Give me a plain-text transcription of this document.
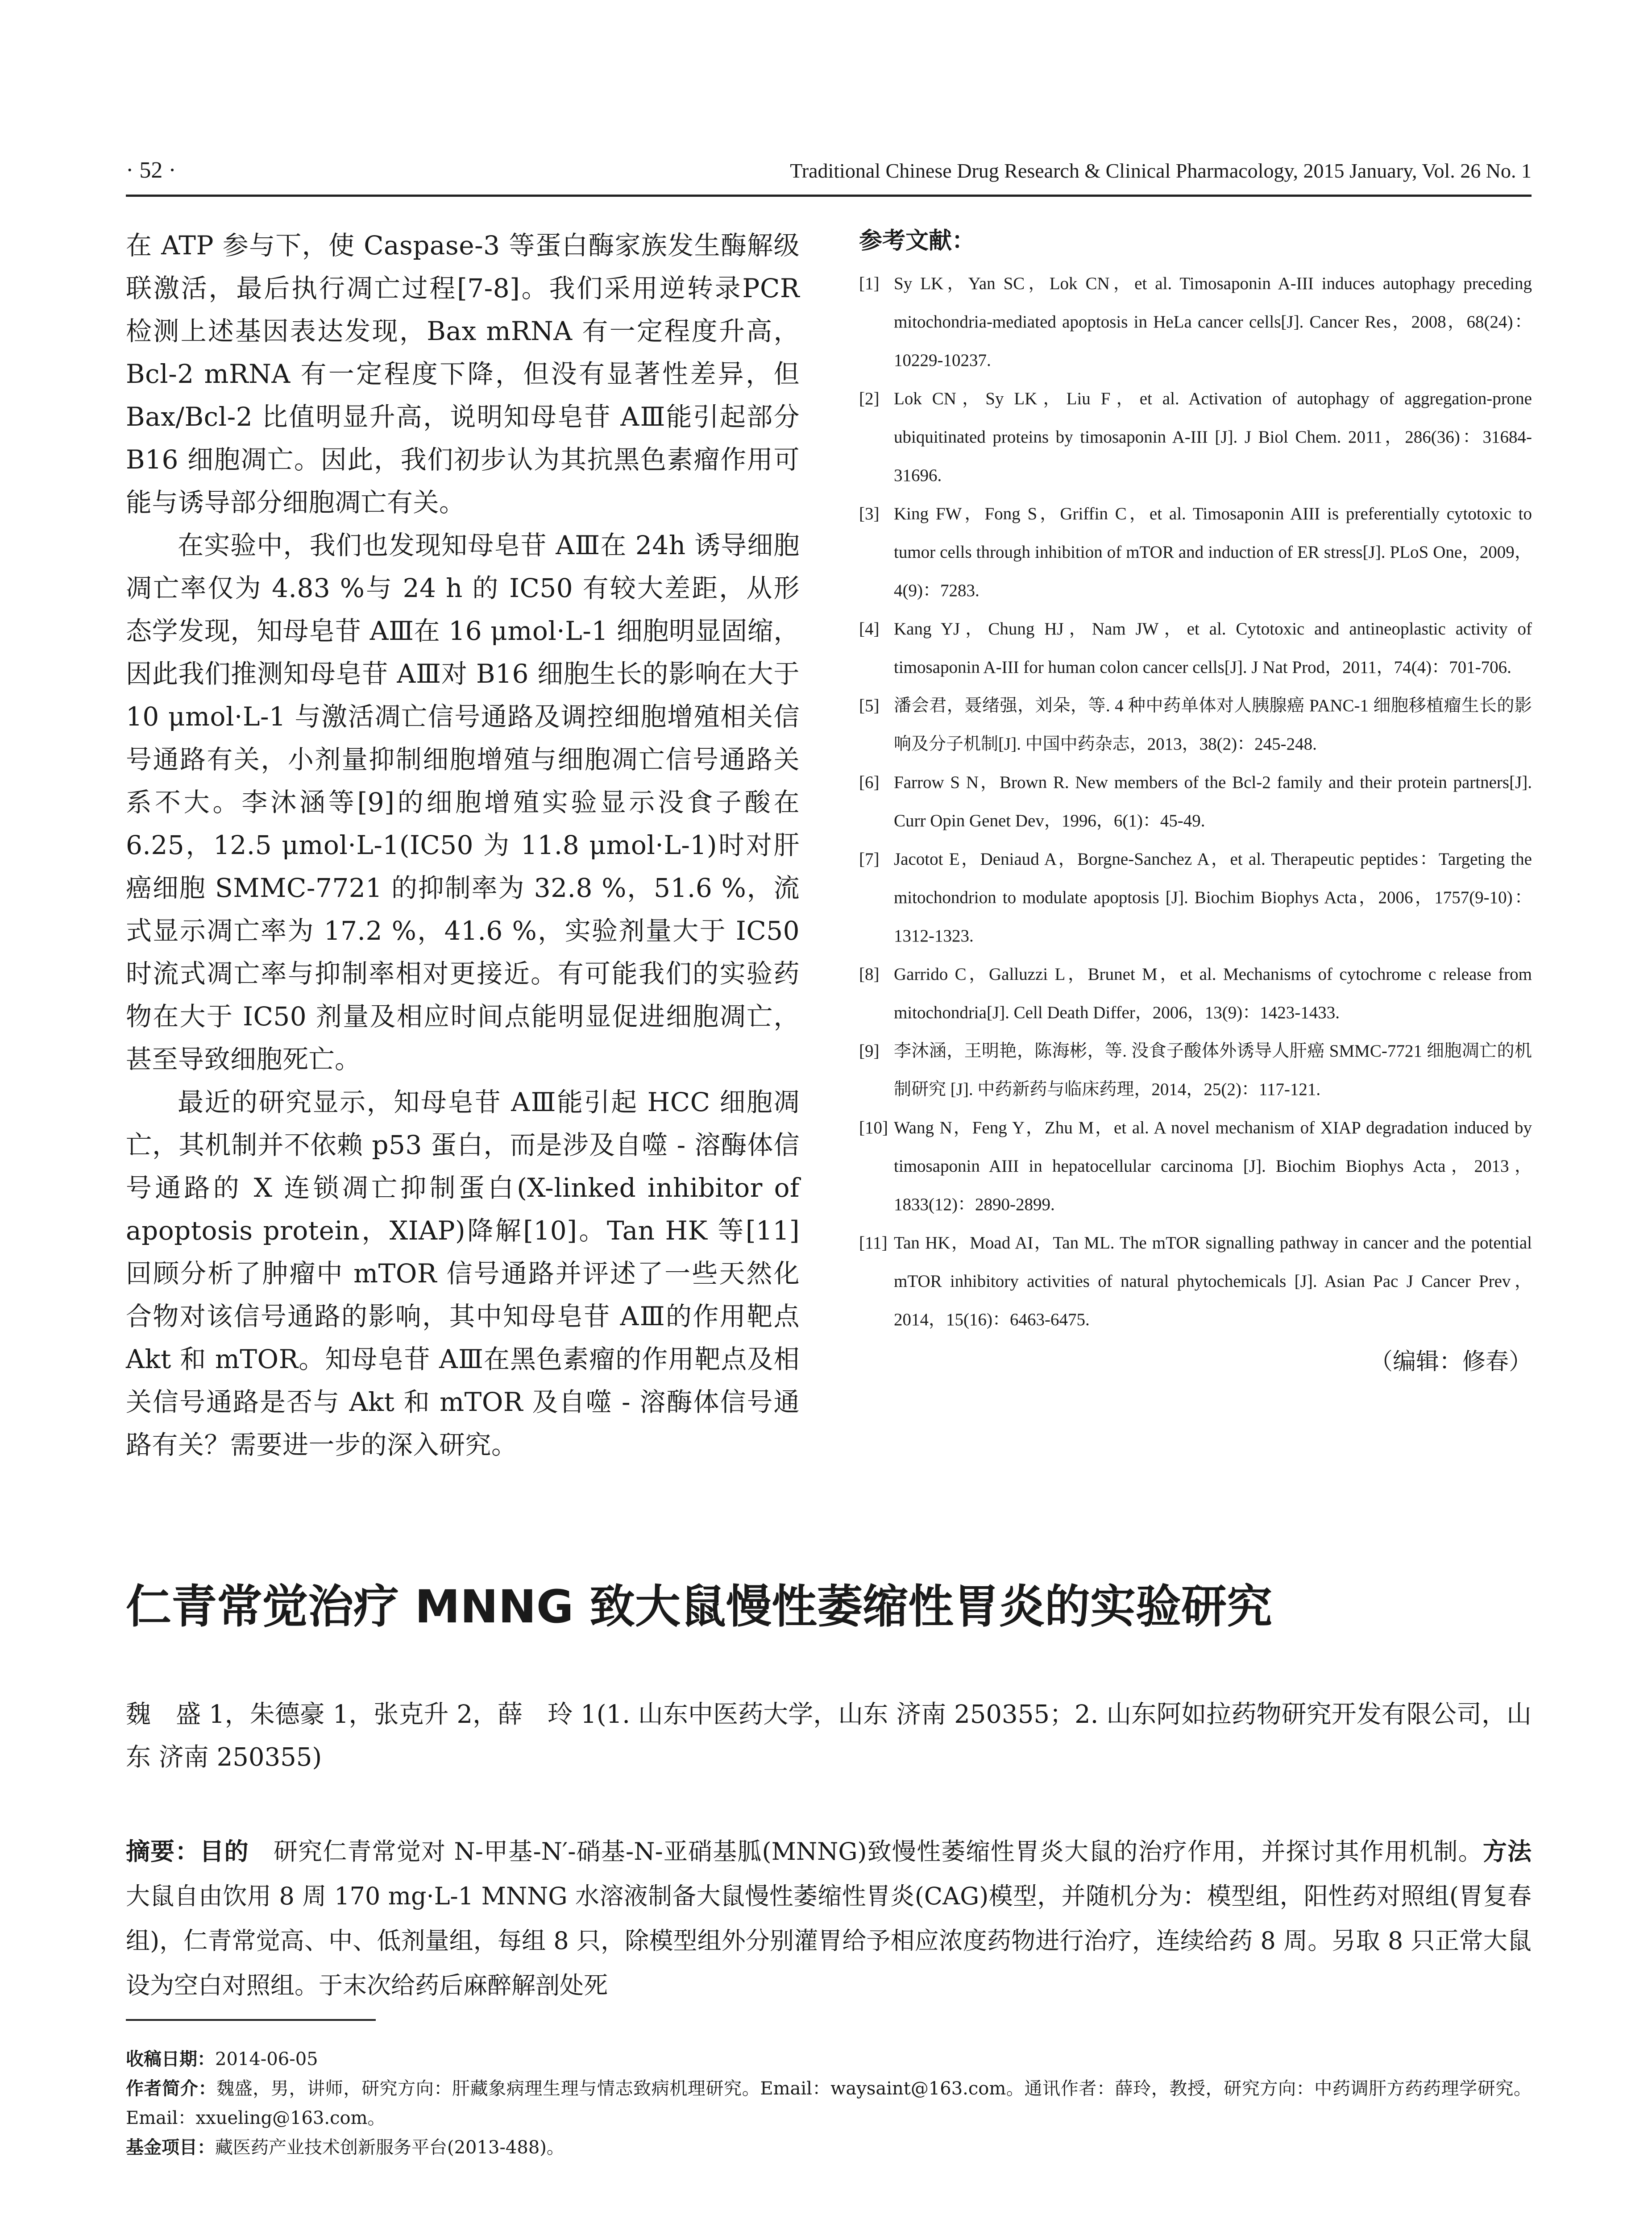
· 52 ·	Traditional Chinese Drug Research & Clinical Pharmacology, 2015 January, Vol. 26 No. 1

在 ATP 参与下，使 Caspase-3 等蛋白酶家族发生酶解级联激活，最后执行凋亡过程[7-8]。我们采用逆转录PCR 检测上述基因表达发现，Bax mRNA 有一定程度升高，Bcl-2 mRNA 有一定程度下降，但没有显著性差异，但 Bax/Bcl-2 比值明显升高，说明知母皂苷 AⅢ能引起部分 B16 细胞凋亡。因此，我们初步认为其抗黑色素瘤作用可能与诱导部分细胞凋亡有关。

在实验中，我们也发现知母皂苷 AⅢ在 24h 诱导细胞凋亡率仅为 4.83 %与 24 h 的 IC50 有较大差距，从形态学发现，知母皂苷 AⅢ在 16 μmol·L-1 细胞明显固缩，因此我们推测知母皂苷 AⅢ对 B16 细胞生长的影响在大于 10 μmol·L-1 与激活凋亡信号通路及调控细胞增殖相关信号通路有关，小剂量抑制细胞增殖与细胞凋亡信号通路关系不大。李沐涵等[9]的细胞增殖实验显示没食子酸在 6.25，12.5 μmol·L-1(IC50 为 11.8 μmol·L-1)时对肝癌细胞 SMMC-7721 的抑制率为 32.8 %，51.6 %，流式显示凋亡率为 17.2 %，41.6 %，实验剂量大于 IC50 时流式凋亡率与抑制率相对更接近。有可能我们的实验药物在大于 IC50 剂量及相应时间点能明显促进细胞凋亡，甚至导致细胞死亡。

最近的研究显示，知母皂苷 AⅢ能引起 HCC 细胞凋亡，其机制并不依赖 p53 蛋白，而是涉及自噬 - 溶酶体信号通路的 X 连锁凋亡抑制蛋白(X-linked inhibitor of apoptosis protein，XIAP)降解[10]。Tan HK 等[11]回顾分析了肿瘤中 mTOR 信号通路并评述了一些天然化合物对该信号通路的影响，其中知母皂苷 AⅢ的作用靶点 Akt 和 mTOR。知母皂苷 AⅢ在黑色素瘤的作用靶点及相关信号通路是否与 Akt 和 mTOR 及自噬 - 溶酶体信号通路有关？需要进一步的深入研究。

参考文献：
[1] Sy LK，Yan SC，Lok CN，et al. Timosaponin A-III induces autophagy preceding mitochondria-mediated apoptosis in HeLa cancer cells[J]. Cancer Res，2008，68(24)：10229-10237.
[2] Lok CN，Sy LK，Liu F，et al. Activation of autophagy of aggregation-prone ubiquitinated proteins by timosaponin A-III [J]. J Biol Chem. 2011，286(36)：31684-31696.
[3] King FW，Fong S，Griffin C，et al. Timosaponin AIII is preferentially cytotoxic to tumor cells through inhibition of mTOR and induction of ER stress[J]. PLoS One，2009，4(9)：7283.
[4] Kang YJ，Chung HJ，Nam JW，et al. Cytotoxic and antineoplastic activity of timosaponin A-III for human colon cancer cells[J]. J Nat Prod，2011，74(4)：701-706.
[5] 潘会君，聂绪强，刘朵，等. 4 种中药单体对人胰腺癌 PANC-1 细胞移植瘤生长的影响及分子机制[J]. 中国中药杂志，2013，38(2)：245-248.
[6] Farrow S N，Brown R. New members of the Bcl-2 family and their protein partners[J]. Curr Opin Genet Dev，1996，6(1)：45-49.
[7] Jacotot E，Deniaud A，Borgne-Sanchez A，et al. Therapeutic peptides：Targeting the mitochondrion to modulate apoptosis [J]. Biochim Biophys Acta，2006，1757(9-10)：1312-1323.
[8] Garrido C，Galluzzi L，Brunet M，et al. Mechanisms of cytochrome c release from mitochondria[J]. Cell Death Differ，2006，13(9)：1423-1433.
[9] 李沐涵，王明艳，陈海彬，等. 没食子酸体外诱导人肝癌 SMMC-7721 细胞凋亡的机制研究 [J]. 中药新药与临床药理，2014，25(2)：117-121.
[10] Wang N，Feng Y，Zhu M，et al. A novel mechanism of XIAP degradation induced by timosaponin AIII in hepatocellular carcinoma [J]. Biochim Biophys Acta，2013，1833(12)：2890-2899.
[11] Tan HK，Moad AI，Tan ML. The mTOR signalling pathway in cancer and the potential mTOR inhibitory activities of natural phytochemicals [J]. Asian Pac J Cancer Prev，2014，15(16)：6463-6475.
（编辑：修春）
仁青常觉治疗 MNNG 致大鼠慢性萎缩性胃炎的实验研究
魏　盛 1，朱德豪 1，张克升 2，薛　玲 1(1. 山东中医药大学，山东 济南 250355；2. 山东阿如拉药物研究开发有限公司，山东 济南 250355)
摘要：目的　 研究仁青常觉对 N-甲基-N′-硝基-N-亚硝基胍(MNNG)致慢性萎缩性胃炎大鼠的治疗作用，并探讨其作用机制。方法　大鼠自由饮用 8 周 170 mg·L-1 MNNG 水溶液制备大鼠慢性萎缩性胃炎(CAG)模型，并随机分为：模型组，阳性药对照组(胃复春组)，仁青常觉高、中、低剂量组，每组 8 只，除模型组外分别灌胃给予相应浓度药物进行治疗，连续给药 8 周。另取 8 只正常大鼠设为空白对照组。于末次给药后麻醉解剖处死
收稿日期：2014-06-05
作者简介：魏盛，男，讲师，研究方向：肝藏象病理生理与情志致病机理研究。Email：waysaint@163.com。通讯作者：薛玲，教授，研究方向：中药调肝方药药理学研究。Email：xxueling@163.com。
基金项目：藏医药产业技术创新服务平台(2013-488)。
